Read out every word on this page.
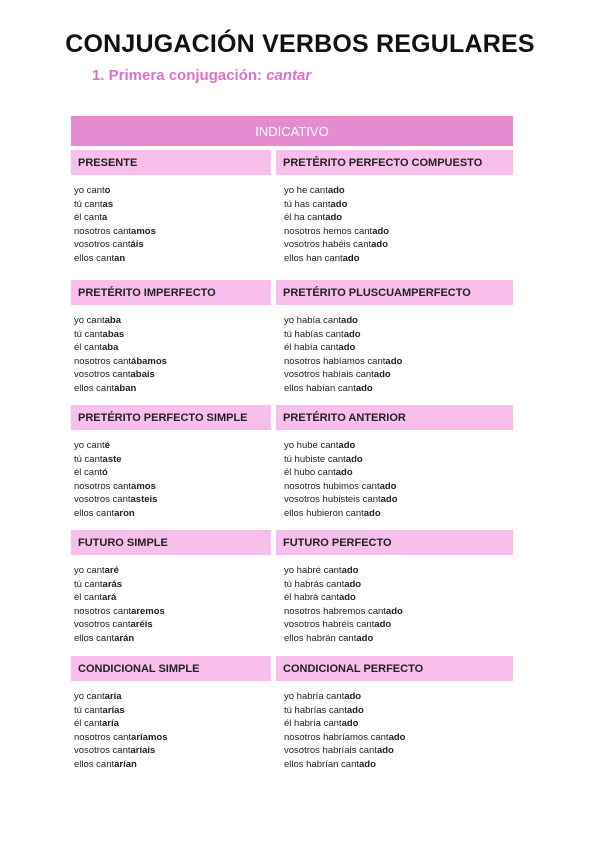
CONJUGACIÓN VERBOS REGULARES
1. Primera conjugación: cantar
INDICATIVO
PRESENTE
yo canto
tú cantas
él canta
nosotros cantamos
vosotros cantáis
ellos cantan
PRETÉRITO PERFECTO COMPUESTO
yo he cantado
tú has cantado
él ha cantado
nosotros hemos cantado
vosotros habéis cantado
ellos han cantado
PRETÉRITO IMPERFECTO
yo cantaba
tú cantabas
él cantaba
nosotros cantábamos
vosotros cantabais
ellos cantaban
PRETÉRITO PLUSCUAMPERFECTO
yo había cantado
tú habías cantado
él había cantado
nosotros habíamos cantado
vosotros habíais cantado
ellos habían cantado
PRETÉRITO PERFECTO SIMPLE
yo canté
tú cantaste
él cantó
nosotros cantamos
vosotros cantasteis
ellos cantaron
PRETÉRITO ANTERIOR
yo hube cantado
tú hubiste cantado
él hubo cantado
nosotros hubimos cantado
vosotros hubisteis cantado
ellos hubieron cantado
FUTURO SIMPLE
yo cantaré
tú cantarás
él cantará
nosotros cantaremos
vosotros cantaréis
ellos cantarán
FUTURO PERFECTO
yo habré cantado
tú habrás cantado
él habrá cantado
nosotros habremos cantado
vosotros habréis cantado
ellos habrán cantado
CONDICIONAL SIMPLE
yo cantaría
tú cantarías
él cantaría
nosotros cantaríamos
vosotros cantaríais
ellos cantarían
CONDICIONAL PERFECTO
yo habría cantado
tú habrías cantado
él habría cantado
nosotros habríamos cantado
vosotros habríais cantado
ellos habrían cantado
